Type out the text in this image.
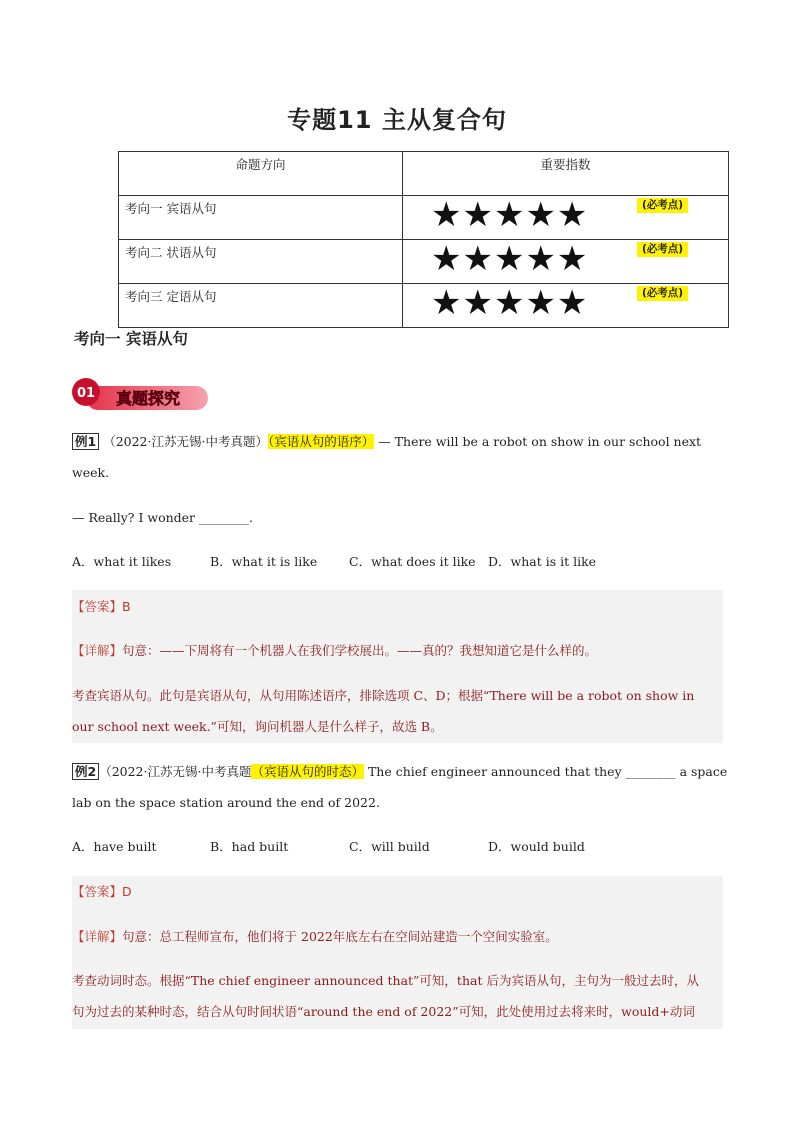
专题11 主从复合句
命题方向	重要指数
考向一 宾语从句	★★★★★ (必考点)

考向二 状语从句	★★★★★ (必考点)

考向三 定语从句	★★★★★ (必考点)
考向一 宾语从句
01 真题探究
例1 （2022·江苏无锡·中考真题）（宾语从句的语序） — There will be a robot on show in our school next
week.
— Really? I wonder ________.
A．what it likes	B．what it is like	C．what does it like D．what is it like
【答案】B
【详解】句意：——下周将有一个机器人在我们学校展出。——真的？我想知道它是什么样的。
考查宾语从句。此句是宾语从句，从句用陈述语序，排除选项 C、D；根据“There will be a robot on show in
our school next week.”可知，询问机器人是什么样子，故选 B。
例2 （2022·江苏无锡·中考真题（宾语从句的时态） The chief engineer announced that they ________ a space
lab on the space station around the end of 2022.
A．have built	B．had built	C．will build	D．would build
【答案】D
【详解】句意：总工程师宣布，他们将于 2022年底左右在空间站建造一个空间实验室。
考查动词时态。根据“The chief engineer announced that”可知，that 后为宾语从句，主句为一般过去时，从
句为过去的某种时态，结合从句时间状语“around the end of 2022”可知，此处使用过去将来时，would+动词
